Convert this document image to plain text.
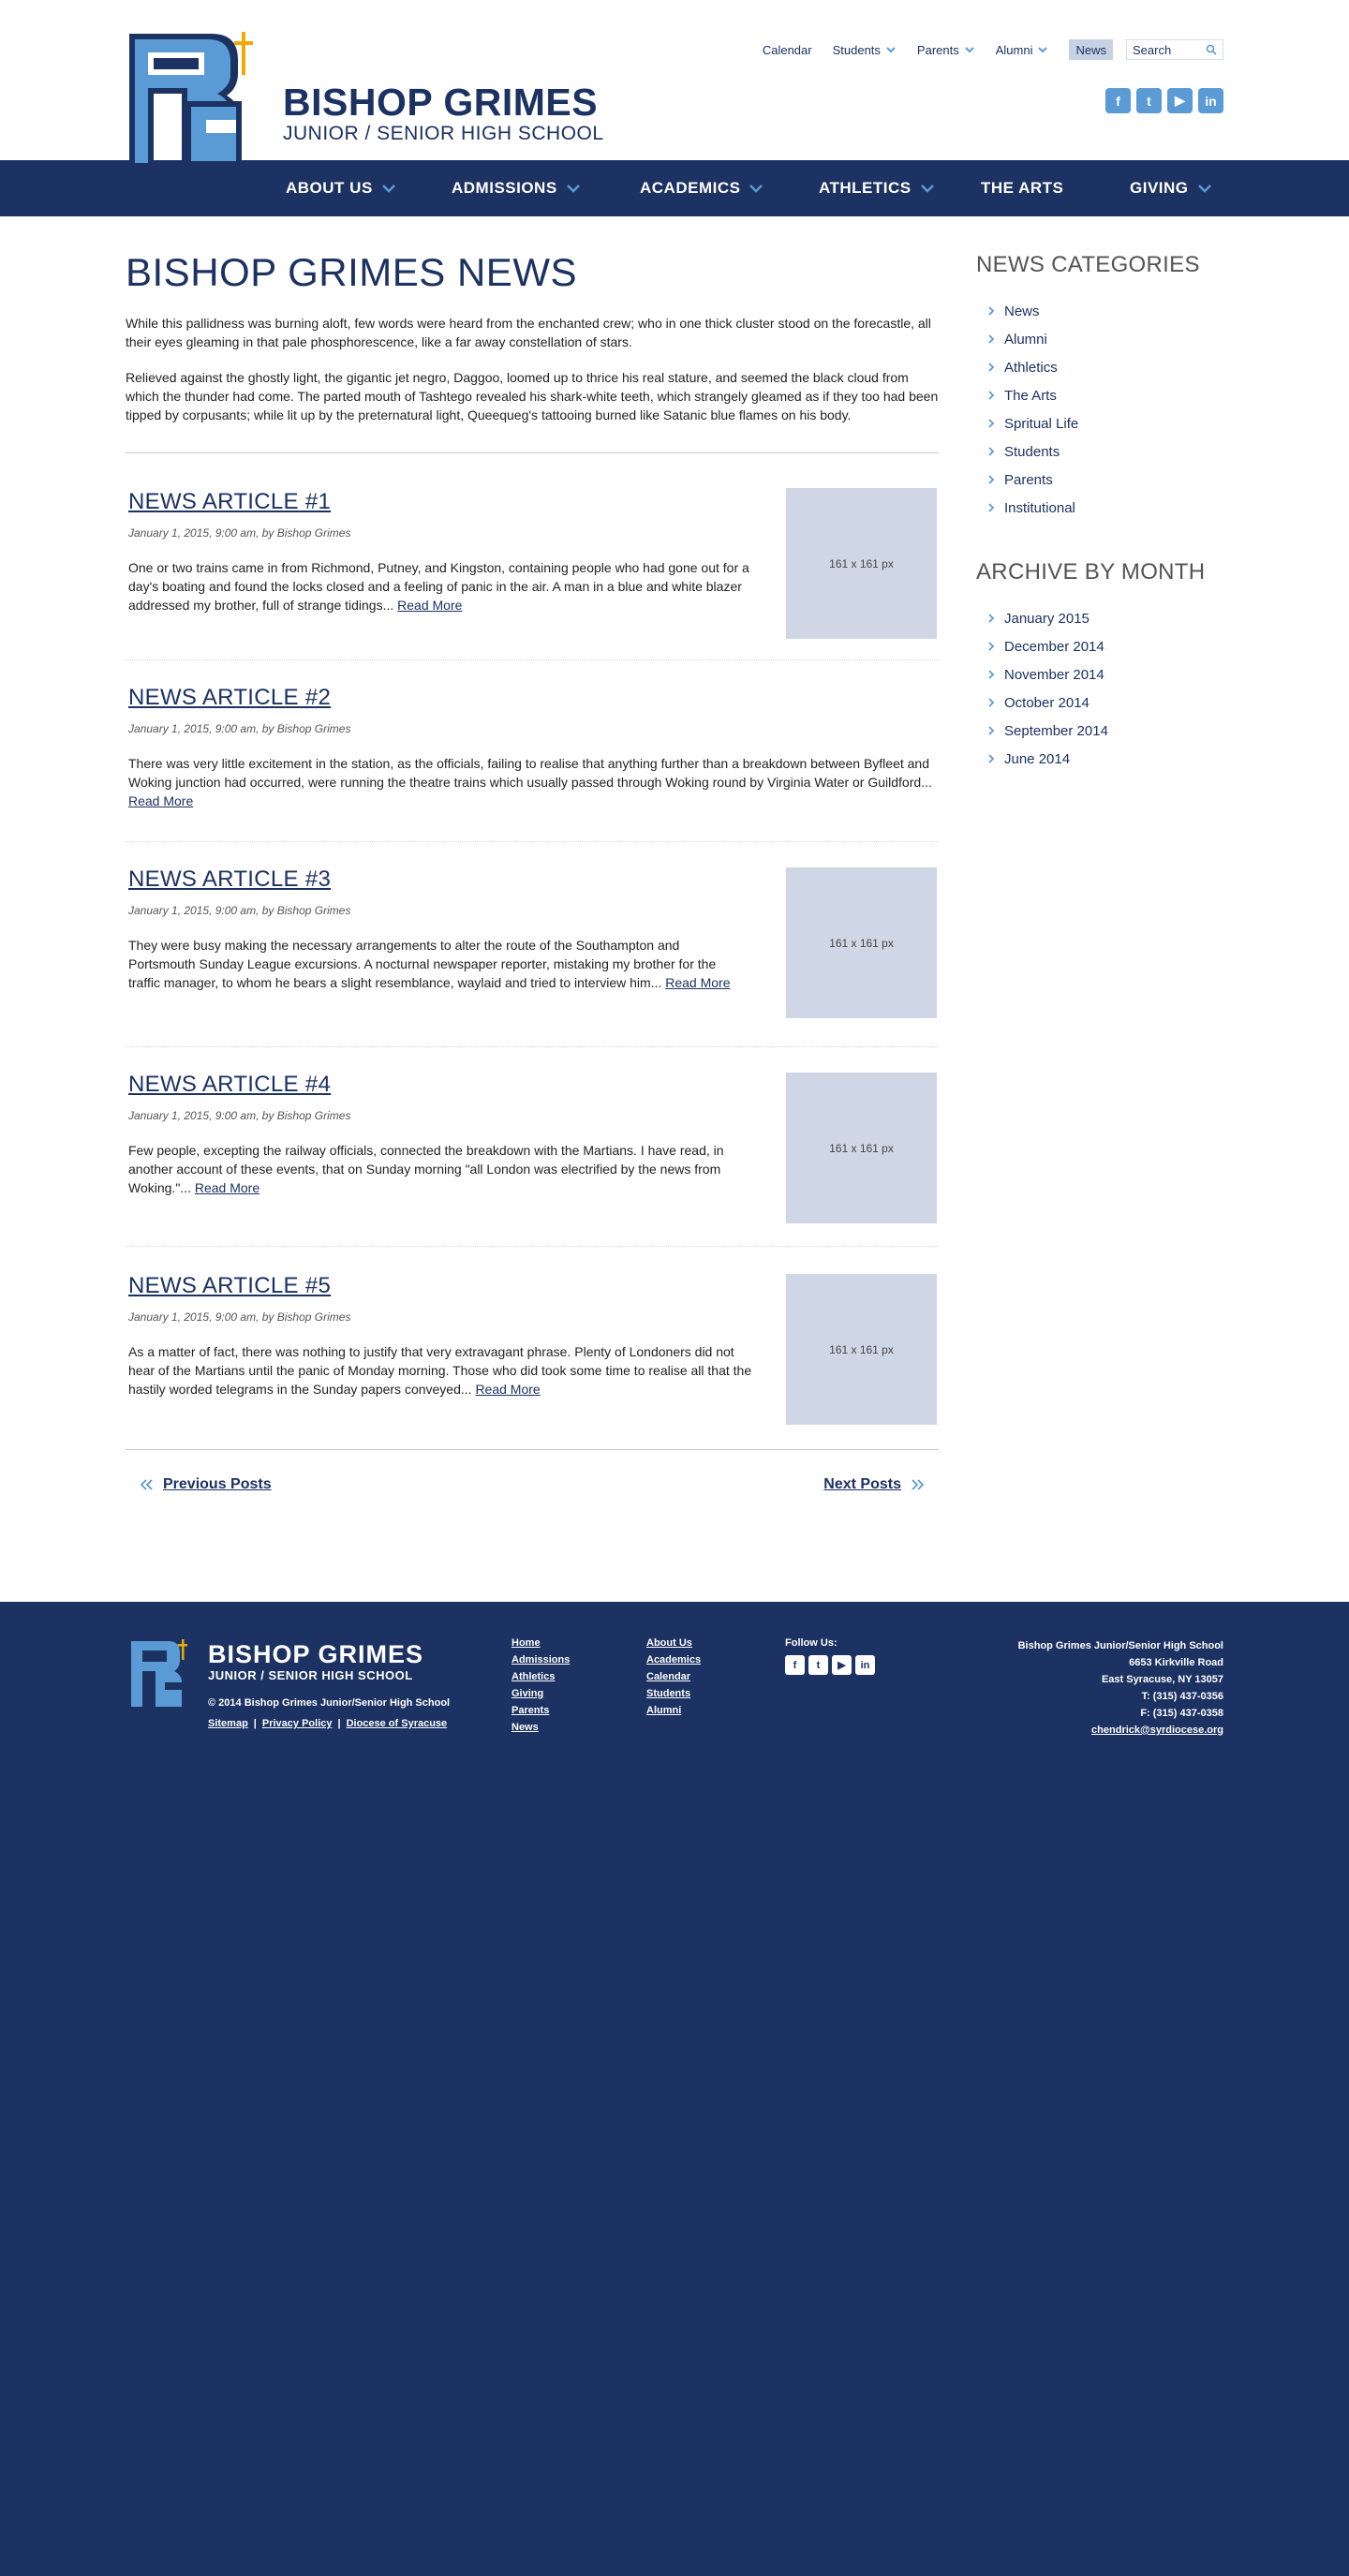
BISHOP GRIMES
JUNIOR / SENIOR HIGH SCHOOL
Calendar Students	Parents	Alumni	News
Search
f	t	▶	in
ABOUT US	ADMISSIONS	ACADEMICS	ATHLETICS	THE ARTS	GIVING
BISHOP GRIMES NEWS

While this pallidness was burning aloft, few words were heard from the enchanted crew; who in one thick cluster stood on the forecastle, all their eyes gleaming in that pale phosphorescence, like a far away constellation of stars.

Relieved against the ghostly light, the gigantic jet negro, Daggoo, loomed up to thrice his real stature, and seemed the black cloud from which the thunder had come. The parted mouth of Tashtego revealed his shark-white teeth, which strangely gleamed as if they too had been tipped by corpusants; while lit up by the preternatural light, Queequeg's tattooing burned like Satanic blue flames on his body.

NEWS ARTICLE #1
January 1, 2015, 9:00 am, by Bishop Grimes
One or two trains came in from Richmond, Putney, and Kingston, containing people who had gone out for a day's boating and found the locks closed and a feeling of panic in the air. A man in a blue and white blazer addressed my brother, full of strange tidings... Read More
161 x 161 px
NEWS ARTICLE #2
January 1, 2015, 9:00 am, by Bishop Grimes
There was very little excitement in the station, as the officials, failing to realise that anything further than a breakdown between Byfleet and Woking junction had occurred, were running the theatre trains which usually passed through Woking round by Virginia Water or Guildford... Read More
NEWS ARTICLE #3
January 1, 2015, 9:00 am, by Bishop Grimes
They were busy making the necessary arrangements to alter the route of the Southampton and Portsmouth Sunday League excursions. A nocturnal newspaper reporter, mistaking my brother for the traffic manager, to whom he bears a slight resemblance, waylaid and tried to interview him... Read More
161 x 161 px
NEWS ARTICLE #4
January 1, 2015, 9:00 am, by Bishop Grimes
Few people, excepting the railway officials, connected the breakdown with the Martians. I have read, in another account of these events, that on Sunday morning "all London was electrified by the news from Woking."... Read More
161 x 161 px
NEWS ARTICLE #5
January 1, 2015, 9:00 am, by Bishop Grimes
As a matter of fact, there was nothing to justify that very extravagant phrase. Plenty of Londoners did not hear of the Martians until the panic of Monday morning. Those who did took some time to realise all that the hastily worded telegrams in the Sunday papers conveyed... Read More
161 x 161 px
Previous Posts	Next Posts
NEWS CATEGORIES
News
Alumni
Athletics
The Arts
Spritual Life
Students
Parents
Institutional
ARCHIVE BY MONTH
January 2015
December 2014
November 2014
October 2014
September 2014
June 2014
BISHOP GRIMES
JUNIOR / SENIOR HIGH SCHOOL
© 2014 Bishop Grimes Junior/Senior High School
Sitemap | Privacy Policy | Diocese of Syracuse
Home
Admissions
Athletics
Giving
Parents
News
About Us
Academics
Calendar
Students
Alumni
Follow Us:
f	t	▶	in
Bishop Grimes Junior/Senior High School
6653 Kirkville Road
East Syracuse, NY 13057
T: (315) 437-0356
F: (315) 437-0358
chendrick@syrdiocese.org
